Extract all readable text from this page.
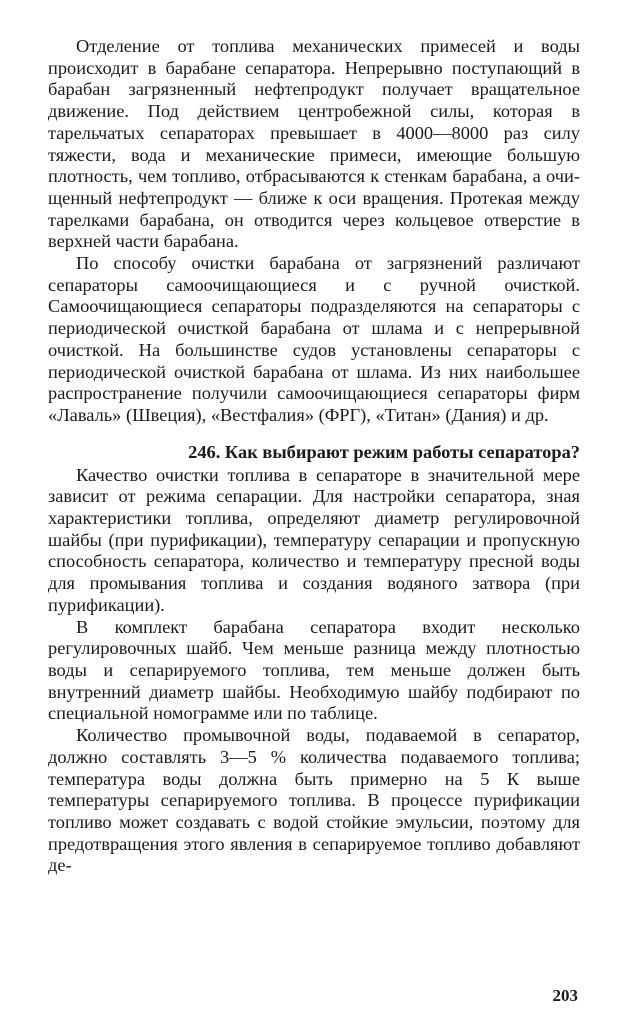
Отделение от топлива механических примесей и воды происходит в барабане сепаратора. Непрерывно поступающий в барабан загрязненный нефтепродукт получает вращательное движение. Под действием центробежной силы, которая в тарельчатых сепараторах превышает в 4000—8000 раз силу тяжести, вода и механические примеси, имеющие большую плотность, чем топливо, отбрасываются к стенкам барабана, а очищенный нефтепродукт — ближе к оси вращения. Протекая между тарелками барабана, он отводится через кольцевое отверстие в верхней части барабана.

По способу очистки барабана от загрязнений различают сепараторы самоочищающиеся и с ручной очисткой. Самоочищающиеся сепараторы подразделяются на сепараторы с периодической очисткой барабана от шлама и с непрерывной очисткой. На большинстве судов установлены сепараторы с периодической очисткой барабана от шлама. Из них наибольшее распространение получили самоочищающиеся сепараторы фирм «Лаваль» (Швеция), «Вестфалия» (ФРГ), «Титан» (Дания) и др.

246. Как выбирают режим работы сепаратора?

Качество очистки топлива в сепараторе в значительной мере зависит от режима сепарации. Для настройки сепаратора, зная характеристики топлива, определяют диаметр регулировочной шайбы (при пурификации), температуру сепарации и пропускную способность сепаратора, количество и температуру пресной воды для промывания топлива и создания водяного затвора (при пурификации).

В комплект барабана сепаратора входит несколько регулировочных шайб. Чем меньше разница между плотностью воды и сепарируемого топлива, тем меньше должен быть внутренний диаметр шайбы. Необходимую шайбу подбирают по специальной номограмме или по таблице.

Количество промывочной воды, подаваемой в сепаратор, должно составлять 3—5 % количества подаваемого топлива; температура воды должна быть примерно на 5 К выше температуры сепарируемого топлива. В процессе пурификации топливо может создавать с водой стойкие эмульсии, поэтому для предотвращения этого явления в сепарируемое топливо добавляют де-

203
